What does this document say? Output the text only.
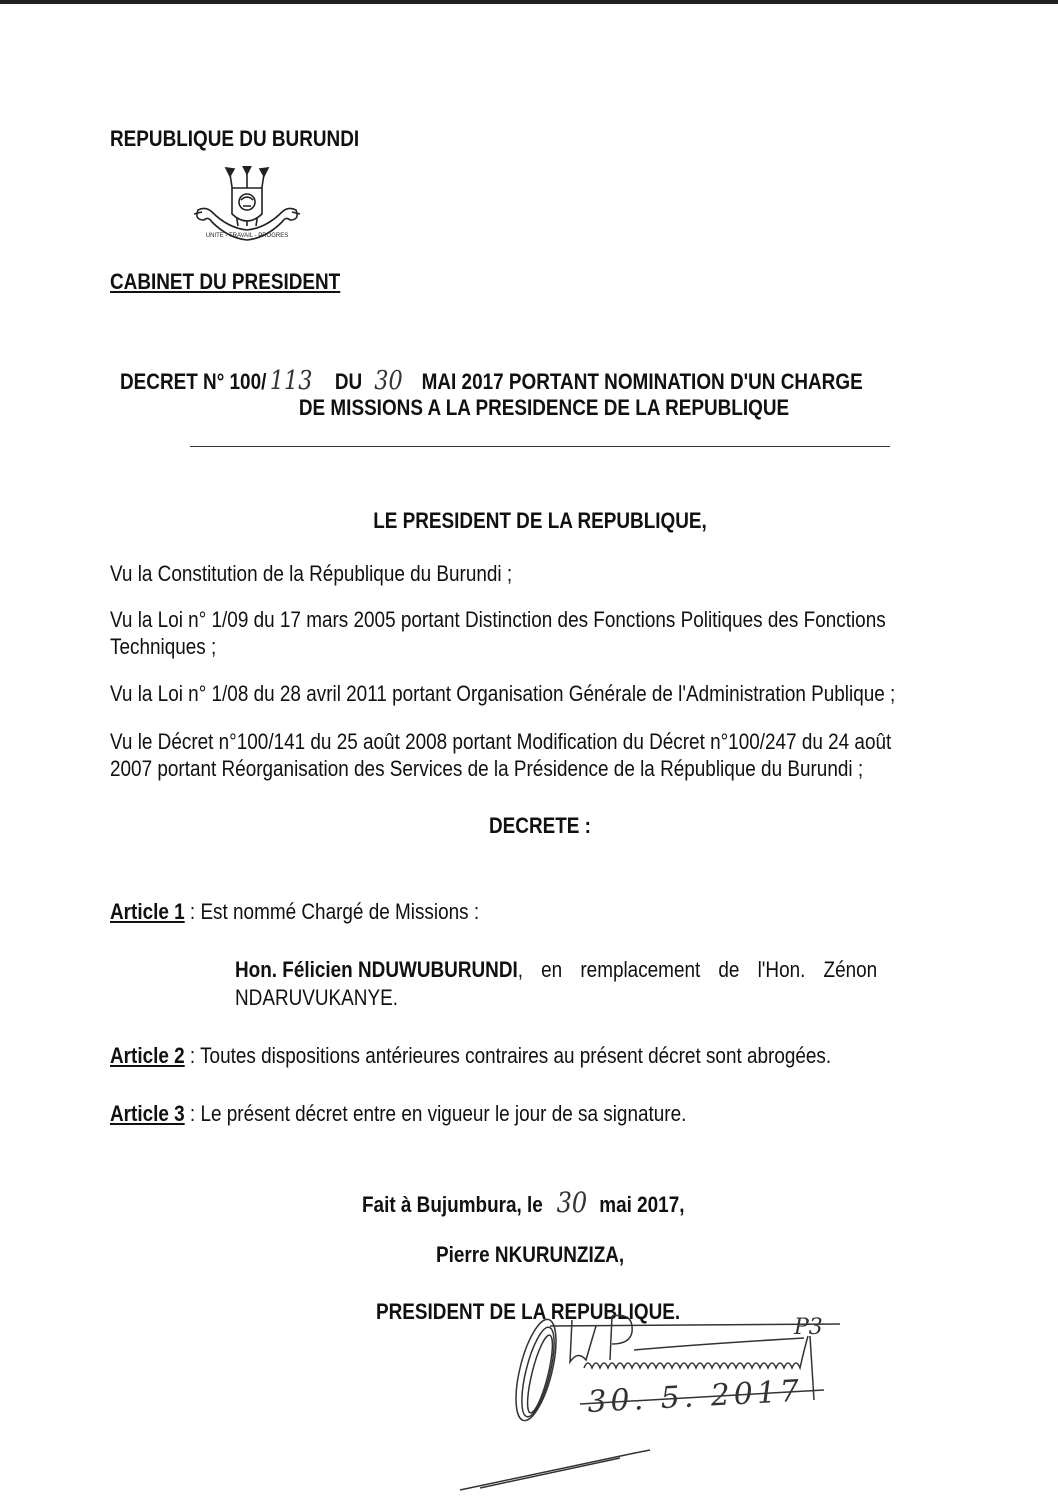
REPUBLIQUE DU BURUNDI
UNITE - TRAVAIL - PROGRES
CABINET DU PRESIDENT
DECRET N° 100/ 113 DU 30 MAI 2017 PORTANT NOMINATION D'UN CHARGE
DE MISSIONS A LA PRESIDENCE DE LA REPUBLIQUE
LE PRESIDENT DE LA REPUBLIQUE,
Vu la Constitution de la République du Burundi ;
Vu la Loi n° 1/09 du 17 mars 2005 portant Distinction des Fonctions Politiques des Fonctions
Techniques ;
Vu la Loi n° 1/08 du 28 avril 2011 portant Organisation Générale de l'Administration Publique ;
Vu le Décret n°100/141 du 25 août 2008 portant Modification du Décret n°100/247 du 24 août
2007 portant Réorganisation des Services de la Présidence de la République du Burundi ;
DECRETE :
Article 1 : Est nommé Chargé de Missions :
Hon. Félicien NDUWUBURUNDI, en remplacement de l'Hon. Zénon
NDARUVUKANYE.
Article 2 : Toutes dispositions antérieures contraires au présent décret sont abrogées.
Article 3 : Le présent décret entre en vigueur le jour de sa signature.
Fait à Bujumbura, le 30 mai 2017,
Pierre NKURUNZIZA,
PRESIDENT DE LA REPUBLIQUE.
P3
30. 5. 2017
